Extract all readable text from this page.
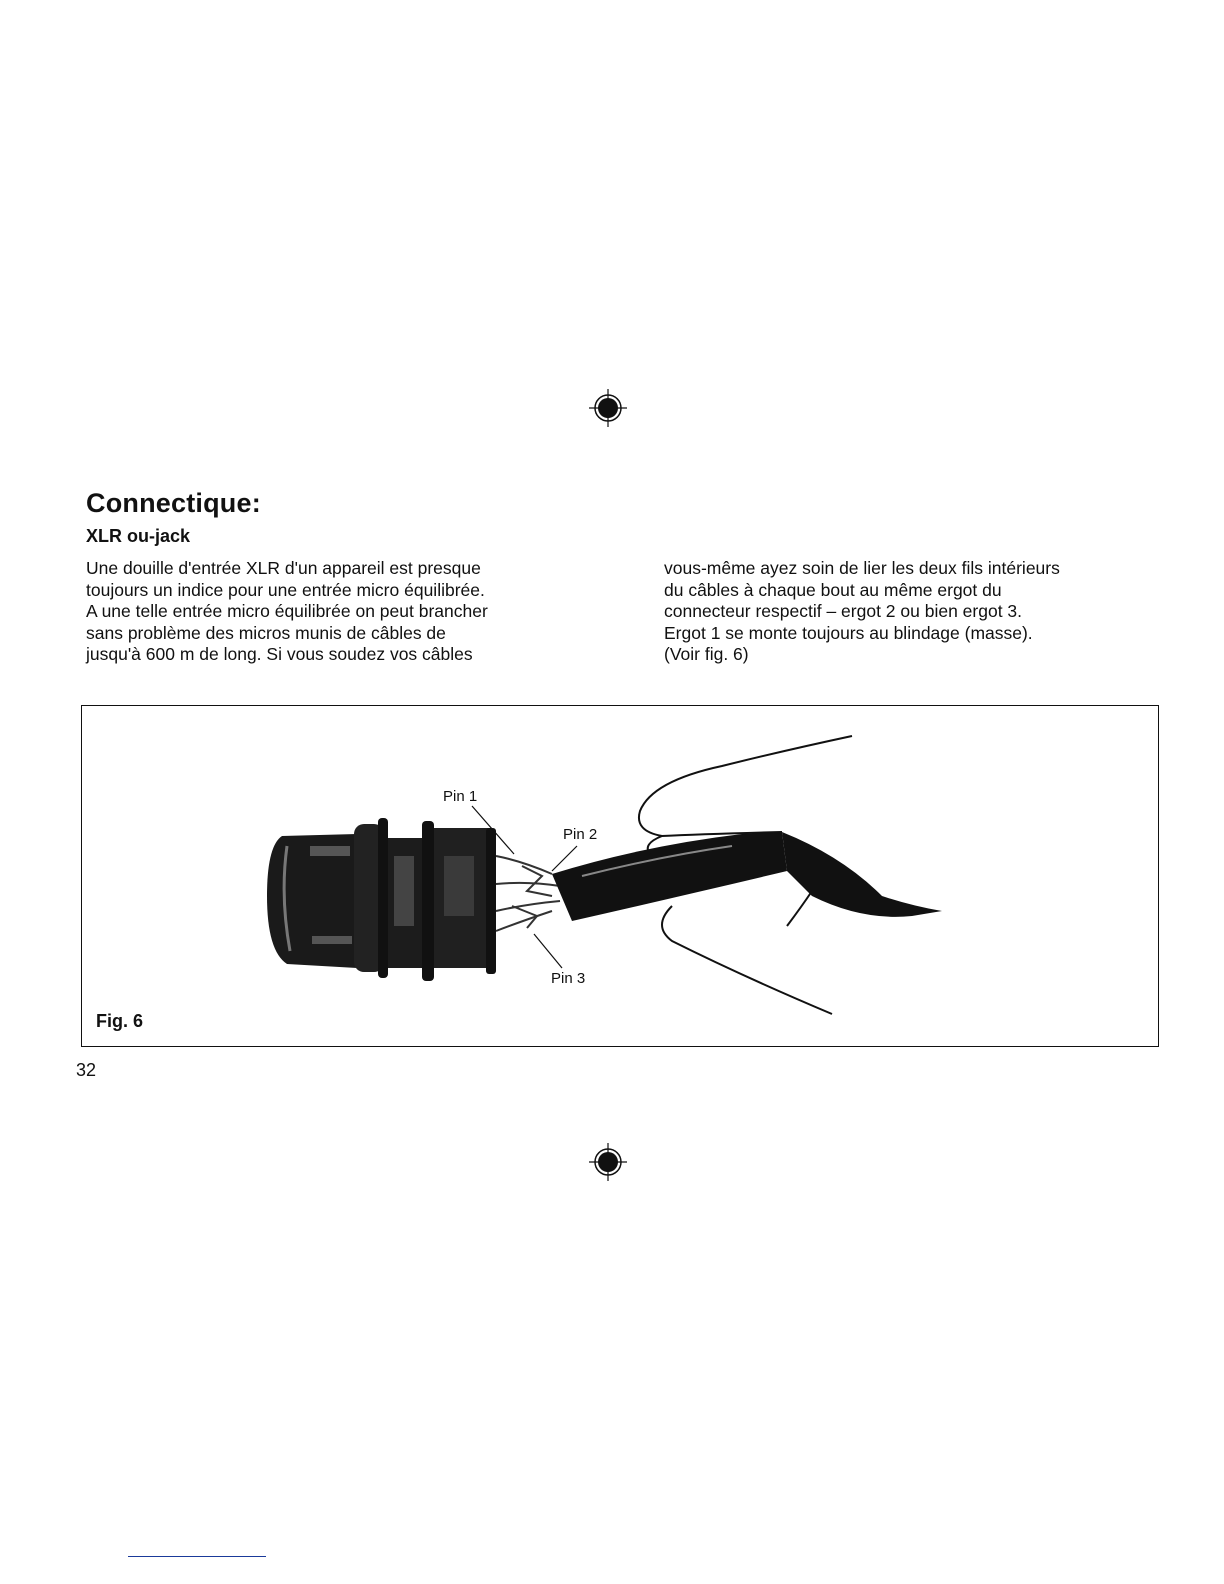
Connectique:
XLR ou-jack

Une douille d'entrée XLR d'un appareil est presque
toujours un indice pour une entrée micro équilibrée.
A une telle entrée micro équilibrée on peut brancher
sans problème des micros munis de câbles de
jusqu'à 600 m de long. Si vous soudez vos câbles

vous-même ayez soin de lier les deux fils intérieurs
du câbles à chaque bout au même ergot du
connecteur respectif – ergot 2 ou bien ergot 3.
Ergot 1 se monte toujours au blindage (masse).
(Voir fig. 6)

Pin 1
Pin 2
Pin 3
Fig. 6
32
